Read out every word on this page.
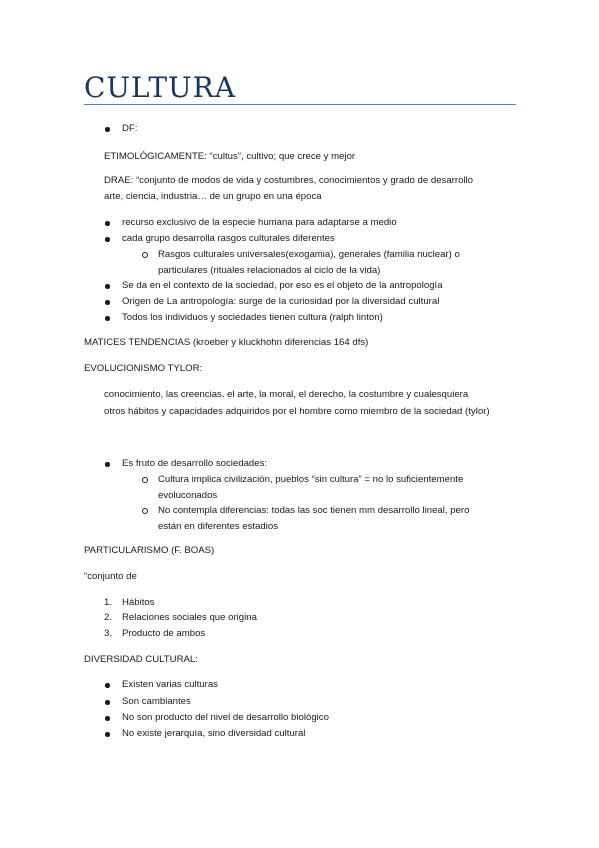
CULTURA
DF:
ETIMOLÓGICAMENTE: “cultus”, cultivo; que crece y mejor
DRAE: “conjunto de modos de vida y costumbres, conocimientos y grado de desarrollo
arte, ciencia, industria… de un grupo en una época
recurso exclusivo de la especie humana para adaptarse a medio
cada grupo desarrolla rasgos culturales diferentes
Rasgos culturales universales(exogamia), generales (familia nuclear) o
particulares (rituales relacionados al ciclo de la vida)
Se da en el contexto de la sociedad, por eso es el objeto de la antropología
Origen de La antropología: surge de la curiosidad por la diversidad cultural
Todos los individuos y sociedades tienen cultura (ralph linton)
MATICES TENDENCIAS (kroeber y kluckhohn diferencias 164 dfs)
EVOLUCIONISMO TYLOR:
conocimiento, las creencias. el arte, la moral, el derecho, la costumbre y cualesquiera
otros hábitos y capacidades adquiridos por el hombre como miembro de la sociedad (tylor)
Es fruto de desarrollo sociedades:
Cultura implica civilización, pueblos “sin cultura” = no lo suficientemente
evoluconados
No contempla diferencias: todas las soc tienen mm desarrollo lineal, pero
están en diferentes estadios
PARTICULARISMO (F. BOAS)
“conjunto de
1. Hábitos
2. Relaciones sociales que origina
3. Producto de ambos
DIVERSIDAD CULTURAL:
Existen varias culturas
Son cambiantes
No son producto del nivel de desarrollo biológico
No existe jerarquía, sino diversidad cultural
